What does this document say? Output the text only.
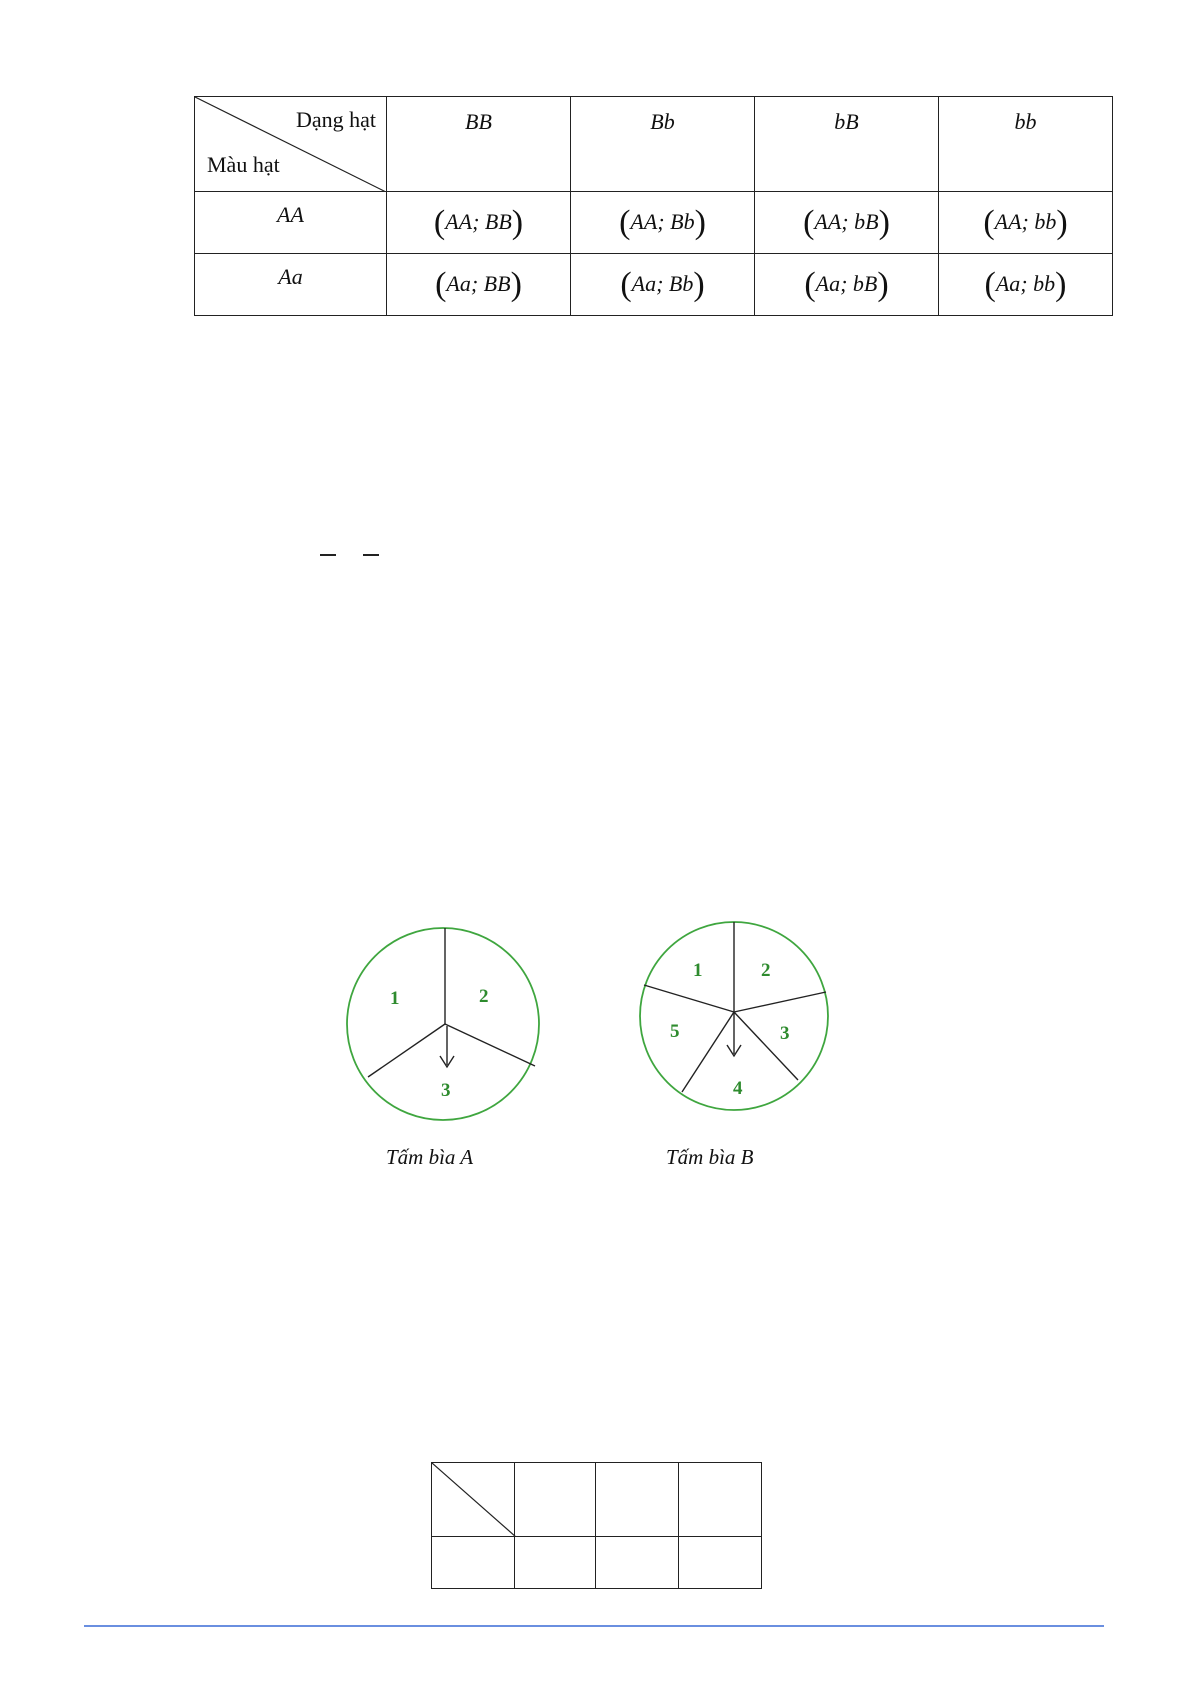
Dạng hạt
Màu hạt	BB	Bb	bB	bb
AA	(AA; BB)	(AA; Bb)	(AA; bB)	(AA; bb)
Aa	(Aa; BB)	(Aa; Bb)	(Aa; bB)	(Aa; bb)
1	2
3
Tấm bìa A
1	2
3
4
5
Tấm bìa B
